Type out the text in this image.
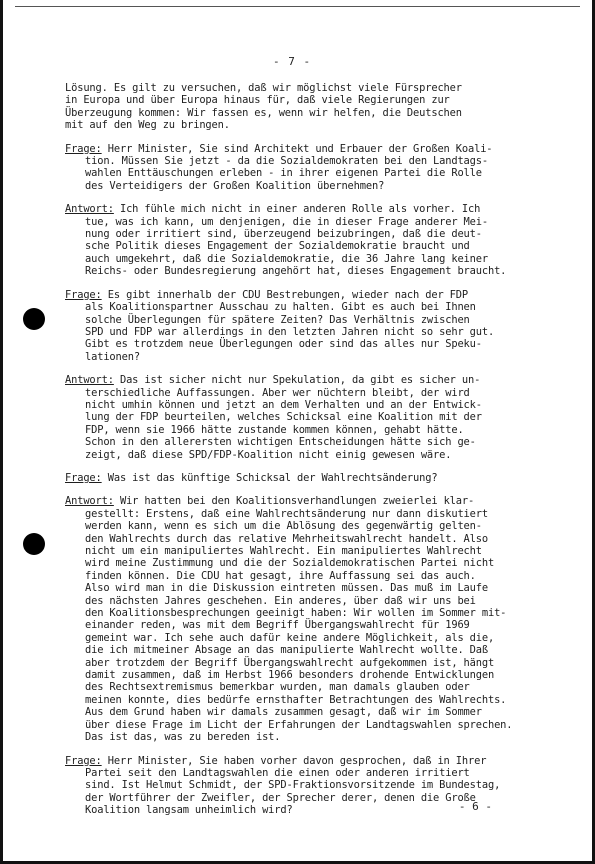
- 7 -
Lösung. Es gilt zu versuchen, daß wir möglichst viele Fürsprecher
in Europa und über Europa hinaus für, daß viele Regierungen zur
Überzeugung kommen: Wir fassen es, wenn wir helfen, die Deutschen
mit auf den Weg zu bringen.
Frage: Herr Minister, Sie sind Architekt und Erbauer der Großen Koali-
tion. Müssen Sie jetzt - da die Sozialdemokraten bei den Landtags-
wahlen Enttäuschungen erleben - in ihrer eigenen Partei die Rolle
des Verteidigers der Großen Koalition übernehmen?
Antwort: Ich fühle mich nicht in einer anderen Rolle als vorher. Ich
tue, was ich kann, um denjenigen, die in dieser Frage anderer Mei-
nung oder irritiert sind, überzeugend beizubringen, daß die deut-
sche Politik dieses Engagement der Sozialdemokratie braucht und
auch umgekehrt, daß die Sozialdemokratie, die 36 Jahre lang keiner
Reichs- oder Bundesregierung angehört hat, dieses Engagement braucht.
Frage: Es gibt innerhalb der CDU Bestrebungen, wieder nach der FDP
als Koalitionspartner Ausschau zu halten. Gibt es auch bei Ihnen
solche Überlegungen für spätere Zeiten? Das Verhältnis zwischen
SPD und FDP war allerdings in den letzten Jahren nicht so sehr gut.
Gibt es trotzdem neue Überlegungen oder sind das alles nur Speku-
lationen?
Antwort: Das ist sicher nicht nur Spekulation, da gibt es sicher un-
terschiedliche Auffassungen. Aber wer nüchtern bleibt, der wird
nicht umhin können und jetzt an dem Verhalten und an der Entwick-
lung der FDP beurteilen, welches Schicksal eine Koalition mit der
FDP, wenn sie 1966 hätte zustande kommen können, gehabt hätte.
Schon in den allerersten wichtigen Entscheidungen hätte sich ge-
zeigt, daß diese SPD/FDP-Koalition nicht einig gewesen wäre.
Frage: Was ist das künftige Schicksal der Wahlrechtsänderung?
Antwort: Wir hatten bei den Koalitionsverhandlungen zweierlei klar-
gestellt: Erstens, daß eine Wahlrechtsänderung nur dann diskutiert
werden kann, wenn es sich um die Ablösung des gegenwärtig gelten-
den Wahlrechts durch das relative Mehrheitswahlrecht handelt. Also
nicht um ein manipuliertes Wahlrecht. Ein manipuliertes Wahlrecht
wird meine Zustimmung und die der Sozialdemokratischen Partei nicht
finden können. Die CDU hat gesagt, ihre Auffassung sei das auch.
Also wird man in die Diskussion eintreten müssen. Das muß im Laufe
des nächsten Jahres geschehen. Ein anderes, über daß wir uns bei
den Koalitionsbesprechungen geeinigt haben: Wir wollen im Sommer mit-
einander reden, was mit dem Begriff Übergangswahlrecht für 1969
gemeint war. Ich sehe auch dafür keine andere Möglichkeit, als die,
die ich mitmeiner Absage an das manipulierte Wahlrecht wollte. Daß
aber trotzdem der Begriff Übergangswahlrecht aufgekommen ist, hängt
damit zusammen, daß im Herbst 1966 besonders drohende Entwicklungen
des Rechtsextremismus bemerkbar wurden, man damals glauben oder
meinen konnte, dies bedürfe ernsthafter Betrachtungen des Wahlrechts.
Aus dem Grund haben wir damals zusammen gesagt, daß wir im Sommer
über diese Frage im Licht der Erfahrungen der Landtagswahlen sprechen.
Das ist das, was zu bereden ist.
Frage: Herr Minister, Sie haben vorher davon gesprochen, daß in Ihrer
Partei seit den Landtagswahlen die einen oder anderen irritiert
sind. Ist Helmut Schmidt, der SPD-Fraktionsvorsitzende im Bundestag,
der Wortführer der Zweifler, der Sprecher derer, denen die Große
Koalition langsam unheimlich wird?	- 6 -
